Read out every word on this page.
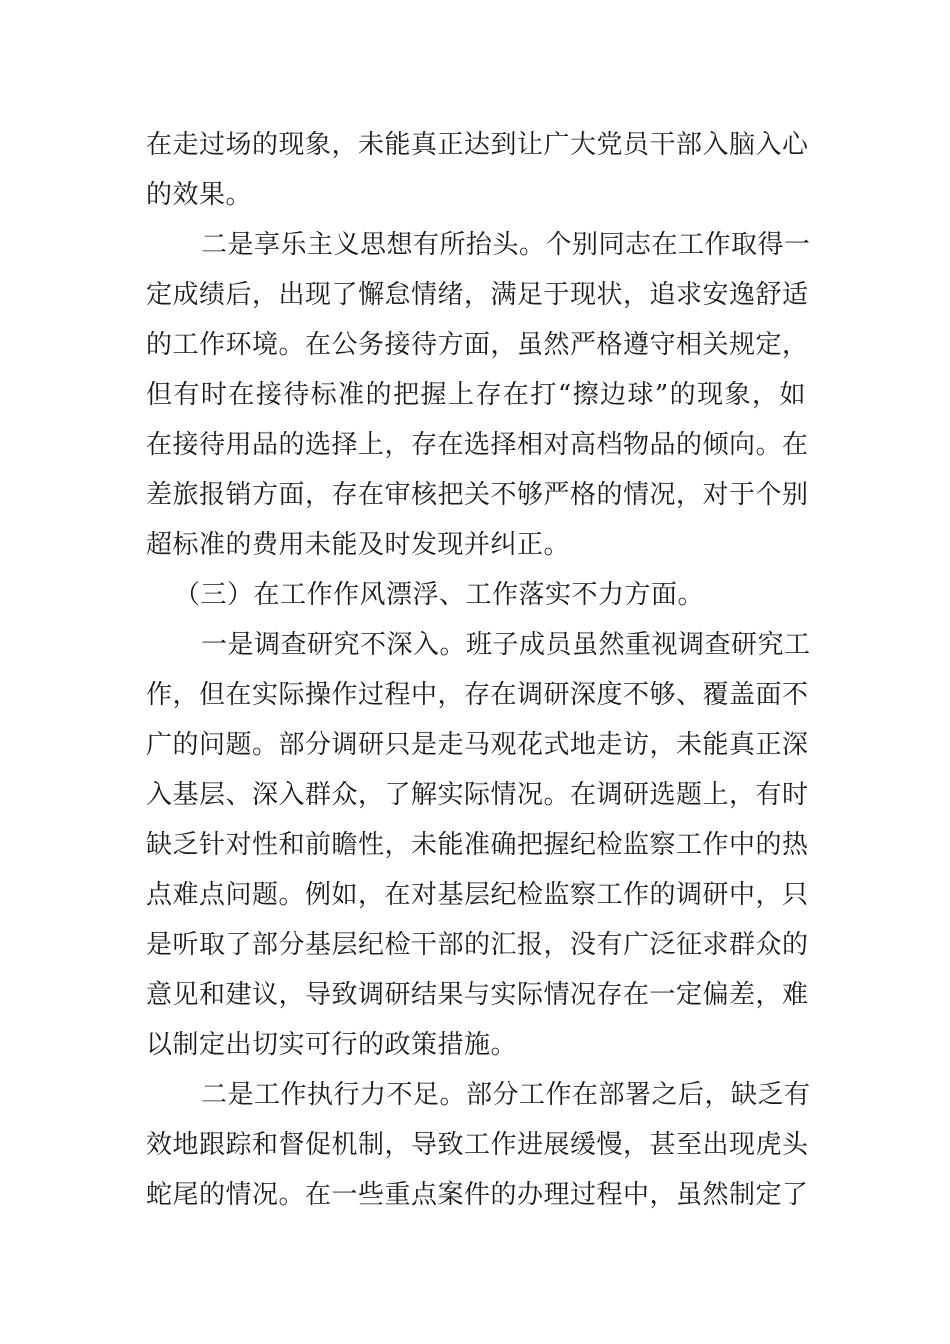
在走过场的现象，未能真正达到让广大党员干部入脑入心

的效果。

二是享乐主义思想有所抬头。个别同志在工作取得一

定成绩后，出现了懈怠情绪，满足于现状，追求安逸舒适

的工作环境。在公务接待方面，虽然严格遵守相关规定，

但有时在接待标准的把握上存在打“擦边球”的现象，如

在接待用品的选择上，存在选择相对高档物品的倾向。在

差旅报销方面，存在审核把关不够严格的情况，对于个别

超标准的费用未能及时发现并纠正。

（三）在工作作风漂浮、工作落实不力方面。

一是调查研究不深入。班子成员虽然重视调查研究工

作，但在实际操作过程中，存在调研深度不够、覆盖面不

广的问题。部分调研只是走马观花式地走访，未能真正深

入基层、深入群众，了解实际情况。在调研选题上，有时

缺乏针对性和前瞻性，未能准确把握纪检监察工作中的热

点难点问题。例如，在对基层纪检监察工作的调研中，只

是听取了部分基层纪检干部的汇报，没有广泛征求群众的

意见和建议，导致调研结果与实际情况存在一定偏差，难

以制定出切实可行的政策措施。

二是工作执行力不足。部分工作在部署之后，缺乏有

效地跟踪和督促机制，导致工作进展缓慢，甚至出现虎头

蛇尾的情况。在一些重点案件的办理过程中，虽然制定了
